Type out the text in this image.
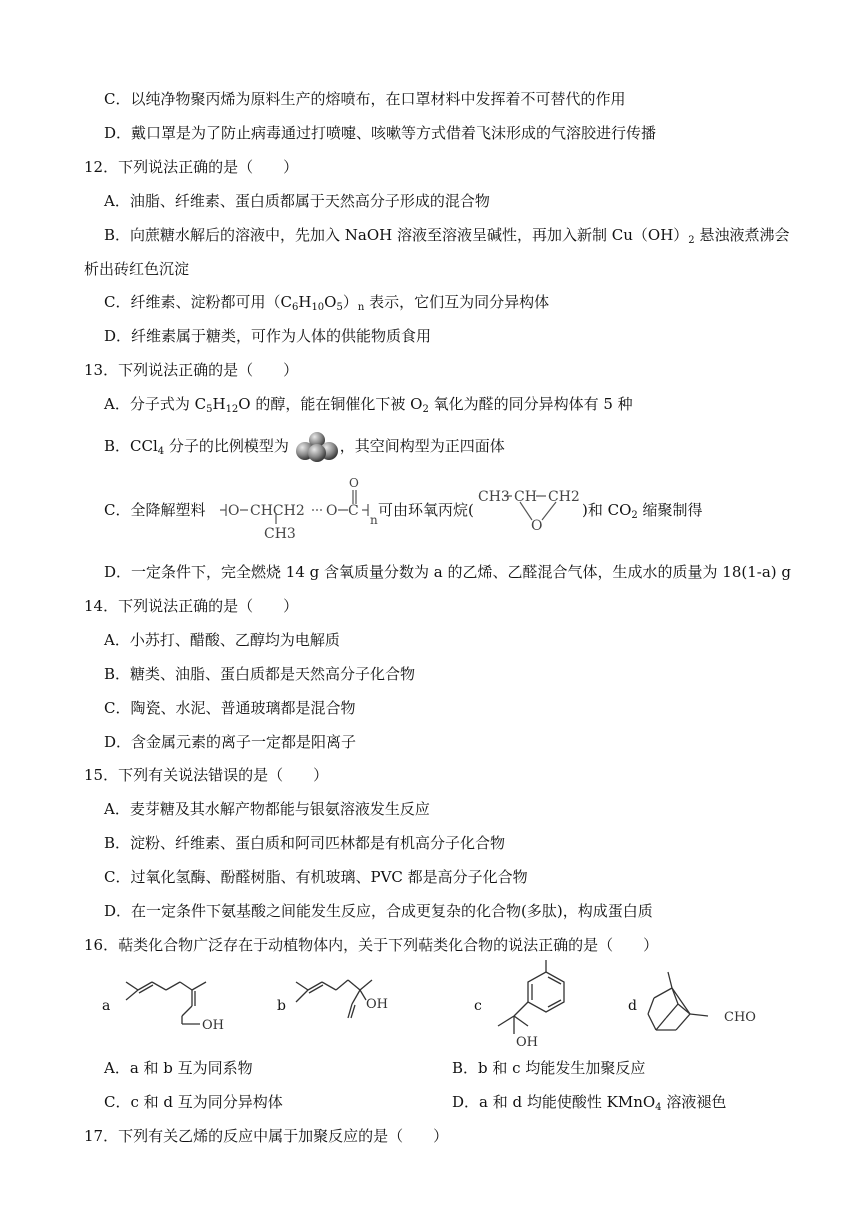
C．以纯净物聚丙烯为原料生产的熔喷布，在口罩材料中发挥着不可替代的作用
D．戴口罩是为了防止病毒通过打喷嚏、咳嗽等方式借着飞沫形成的气溶胶进行传播
12．下列说法正确的是（　　）
A．油脂、纤维素、蛋白质都属于天然高分子形成的混合物
B．向蔗糖水解后的溶液中，先加入 NaOH 溶液至溶液呈碱性，再加入新制 $Cu(OH)_2$ 悬浊液煮沸会
析出砖红色沉淀
C．纤维素、淀粉都可用$(C_6H_{10}O_5)_n$ 表示，它们互为同分异构体
D．纤维素属于糖类，可作为人体的供能物质食用
13．下列说法正确的是（　　）
A．分子式为 $C_5H_{12}O$ 的醇，能在铜催化下被 $O_2$ 氧化为醛的同分异构体有 5 种
B．CCl$_4$ 分子的比例模型为	，其空间构型为正四面体
C．全降解塑料 O CHCH2
CH3
O C
O
n
可由环氧丙烷(
CH3 CH CH2
O
)和 $CO_2$ 缩聚制得
D．一定条件下，完全燃烧 14 g 含氧质量分数为 a 的乙烯、乙醛混合气体，生成水的质量为 18(1-a) g
14．下列说法正确的是（　　）
A．小苏打、醋酸、乙醇均为电解质
B．糖类、油脂、蛋白质都是天然高分子化合物
C．陶瓷、水泥、普通玻璃都是混合物
D．含金属元素的离子一定都是阳离子
15．下列有关说法错误的是（　　）
A．麦芽糖及其水解产物都能与银氨溶液发生反应
B．淀粉、纤维素、蛋白质和阿司匹林都是有机高分子化合物
C．过氧化氢酶、酚醛树脂、有机玻璃、PVC 都是高分子化合物
D．在一定条件下氨基酸之间能发生反应，合成更复杂的化合物(多肽)，构成蛋白质
16．萜类化合物广泛存在于动植物体内，关于下列萜类化合物的说法正确的是（　　）
a
OH
b	OH	c
OH
d
CHO
A．a 和 b 互为同系物	B．b 和 c 均能发生加聚反应
C．c 和 d 互为同分异构体	D．a 和 d 均能使酸性 KMnO$_4$ 溶液褪色
17．下列有关乙烯的反应中属于加聚反应的是（　　）
